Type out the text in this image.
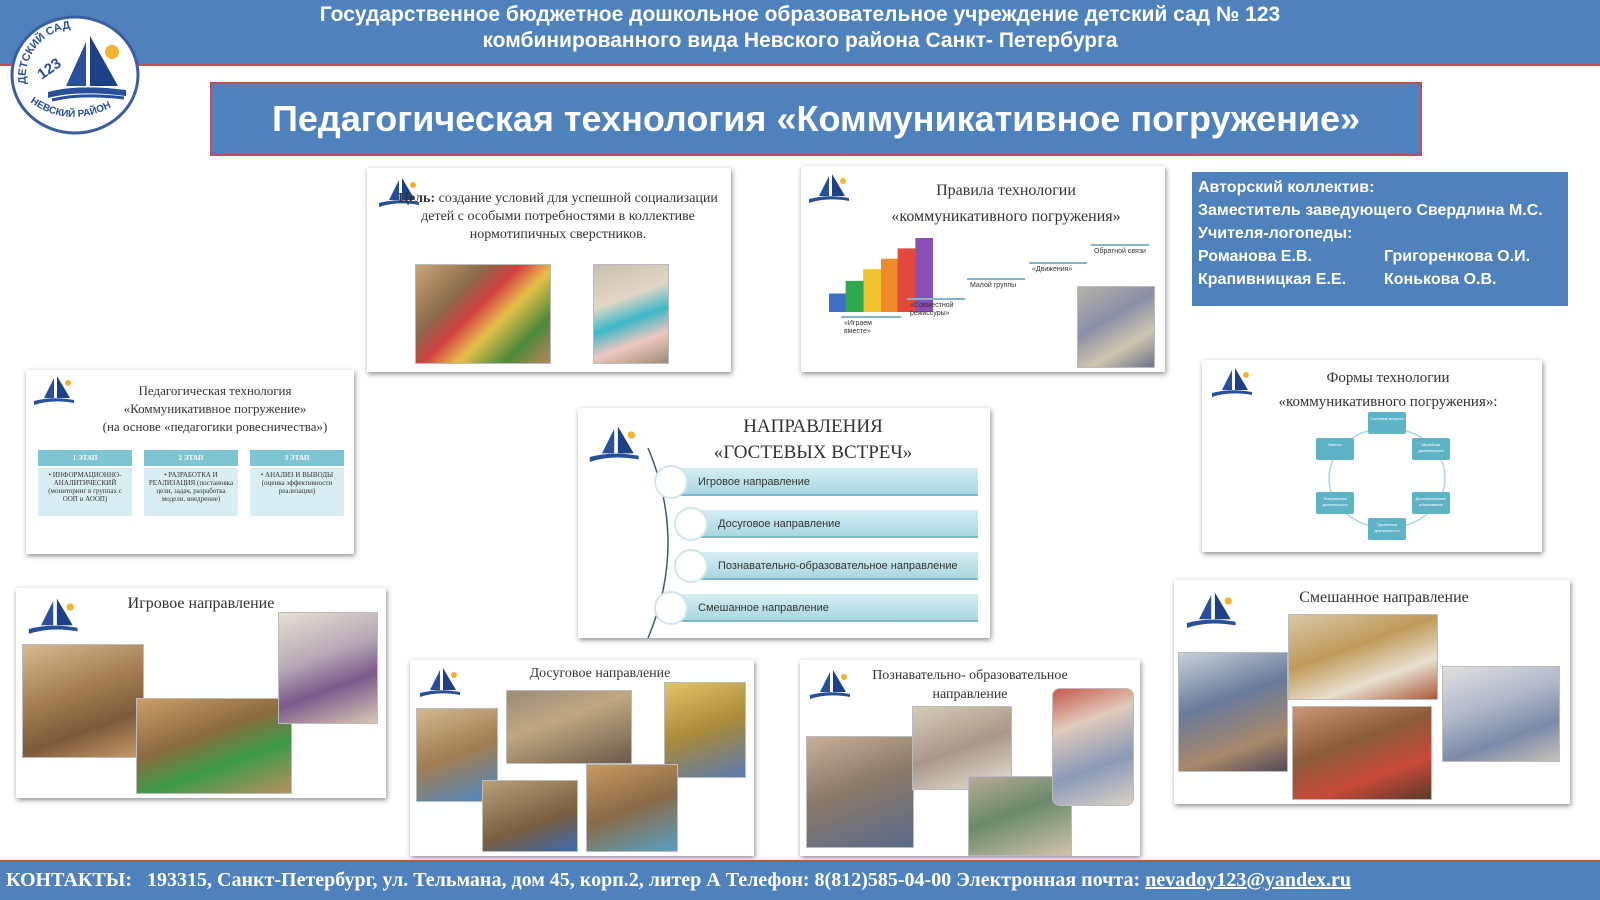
Государственное бюджетное дошкольное образовательное учреждение детский сад № 123
комбинированного вида Невского района Санкт- Петербурга
ДЕТСКИЙ САД
123
НЕВСКИЙ РАЙОН	Педагогическая технология «Коммуникативное погружение»
Цель: создание условий для успешной социализации детей с особыми потребностями в коллективе нормотипичных сверстников.
Правила технологии
«коммуникативного погружения»
«Играем вместе»
«Совместной режиссуры»
Малой группы
«Движения»
Обратной связи
Авторский коллектив:
Заместитель заведующего Свердлина М.С.
Учителя-логопеды:
Романова Е.В.	Григоренкова О.И.
Крапивницкая Е.Е.	Конькова О.В.
Педагогическая технология
«Коммуникативное погружение»
(на основе «педагогики ровесничества»)
1 ЭТАП
• ИНФОРМАЦИОННО-АНАЛИТИЧЕСКИЙ (мониторинг в группах с ООП и АООП)
2 ЭТАП
• РАЗРАБОТКА И РЕАЛИЗАЦИЯ (постановка цели, задач, разработка модели, внедрение)
3 ЭТАП
• АНАЛИЗ И ВЫВОДЫ (оценка эффективности реализации)
НАПРАВЛЕНИЯ
«ГОСТЕВЫХ ВСТРЕЧ»
Игровое направление
Досуговое направление
Познавательно-образовательное направление
Смешанное направление
Формы технологии
«коммуникативного погружения»:
Гостевые встречи
Музейная деятельность
Дополнительное образование
Проектная деятельность
Театральная деятельность
Квесты
Игровое направление
Досуговое направление	Познавательно- образовательное
направление
Смешанное направление
КОНТАКТЫ: 193315, Санкт-Петербург, ул. Тельмана, дом 45, корп.2, литер А Телефон: 8(812)585-04-00 Электронная почта: nevadoy123@yandex.ru
